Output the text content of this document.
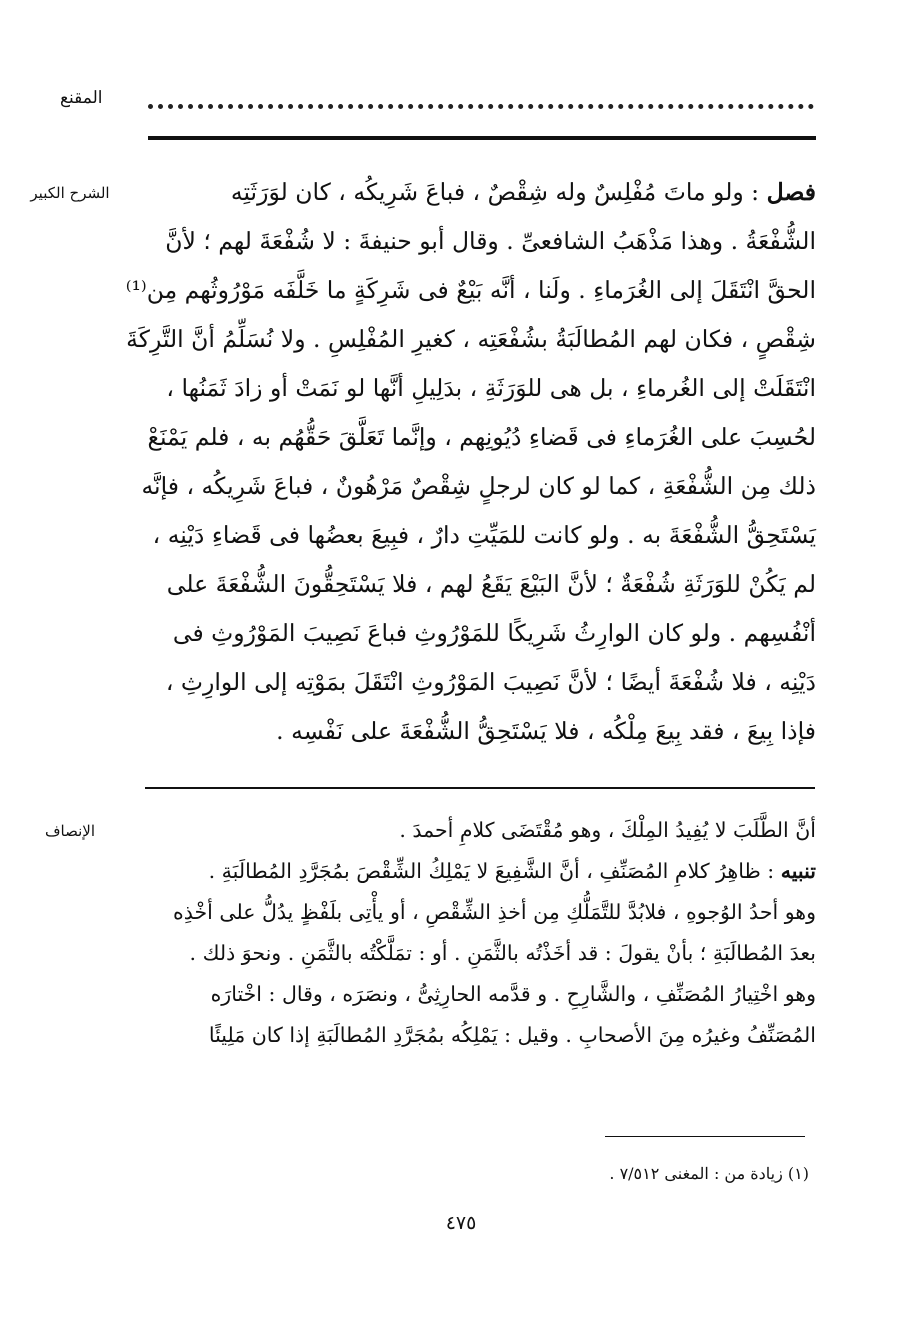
المقنع
الشرح الكبير	فصل : ولو ماتَ مُفْلِسٌ وله شِقْصٌ ، فباعَ شَرِيكُه ، كان لوَرَثَتِه
الشُّفْعَةُ . وهذا مَذْهَبُ الشافعىِّ . وقال أبو حنيفةَ : لا شُفْعَةَ لهم ؛ لأنَّ
الحقَّ انْتَقَلَ إلى الغُرَماءِ . ولَنا ، أنَّه بَيْعٌ فى شَرِكَةٍ ما خَلَّفَه مَوْرُوثُهم مِن⁽¹⁾
شِقْصٍ ، فكان لهم المُطالَبَةُ بشُفْعَتِه ، كغيرِ المُفْلِسِ . ولا نُسَلِّمُ أنَّ التَّرِكَةَ
انْتَقَلَتْ إلى الغُرماءِ ، بل هى للوَرَثَةِ ، بدَلِيلِ أنَّها لو نَمَتْ أو زادَ ثَمَنُها ،
لحُسِبَ على الغُرَماءِ فى قَضاءِ دُيُونِهم ، وإنَّما تَعَلَّقَ حَقُّهُم به ، فلم يَمْنَعْ
ذلك مِن الشُّفْعَةِ ، كما لو كان لرجلٍ شِقْصٌ مَرْهُونٌ ، فباعَ شَرِيكُه ، فإنَّه
يَسْتَحِقُّ الشُّفْعَةَ به . ولو كانت للمَيِّتِ دارٌ ، فبِيعَ بعضُها فى قَضاءِ دَيْنِه ،
لم يَكُنْ للوَرَثَةِ شُفْعَةٌ ؛ لأنَّ البَيْعَ يَقَعُ لهم ، فلا يَسْتَحِقُّونَ الشُّفْعَةَ على
أنْفُسِهم . ولو كان الوارِثُ شَرِيكًا للمَوْرُوثِ فباعَ نَصِيبَ المَوْرُوثِ فى
دَيْنِه ، فلا شُفْعَةَ أيضًا ؛ لأنَّ نَصِيبَ المَوْرُوثِ انْتَقَلَ بمَوْتِه إلى الوارِثِ ،
فإذا بِيعَ ، فقد بِيعَ مِلْكُه ، فلا يَسْتَحِقُّ الشُّفْعَةَ على نَفْسِه .
الإنصاف	أنَّ الطَّلَبَ لا يُفِيدُ المِلْكَ ، وهو مُقْتَضَى كلامِ أحمدَ .
تنبيه : ظاهِرُ كلامِ المُصَنِّفِ ، أنَّ الشَّفِيعَ لا يَمْلِكُ الشِّقْصَ بمُجَرَّدِ المُطالَبَةِ .
وهو أحدُ الوُجوهِ ، فلابُدَّ للتَّمَلُّكِ مِن أخذِ الشِّقْصِ ، أو يأْتِى بلَفْظٍ يدُلُّ على أخْذِه
بعدَ المُطالَبَةِ ؛ بأنْ يقولَ : قد أخَذْتُه بالثَّمَنِ . أو : تمَلَّكْتُه بالثَّمَنِ . ونحوَ ذلك .
وهو اخْتِيارُ المُصَنِّفِ ، والشَّارِحِ . و قدَّمه الحارِثِىُّ ، ونصَرَه ، وقال : اخْتارَه
المُصَنِّفُ وغيرُه مِنَ الأصحابِ . وقيل : يَمْلِكُه بمُجَرَّدِ المُطالَبَةِ إذا كان مَلِيئًا
(١) زيادة من : المغنى ٧/٥١٢ .
٤٧٥
